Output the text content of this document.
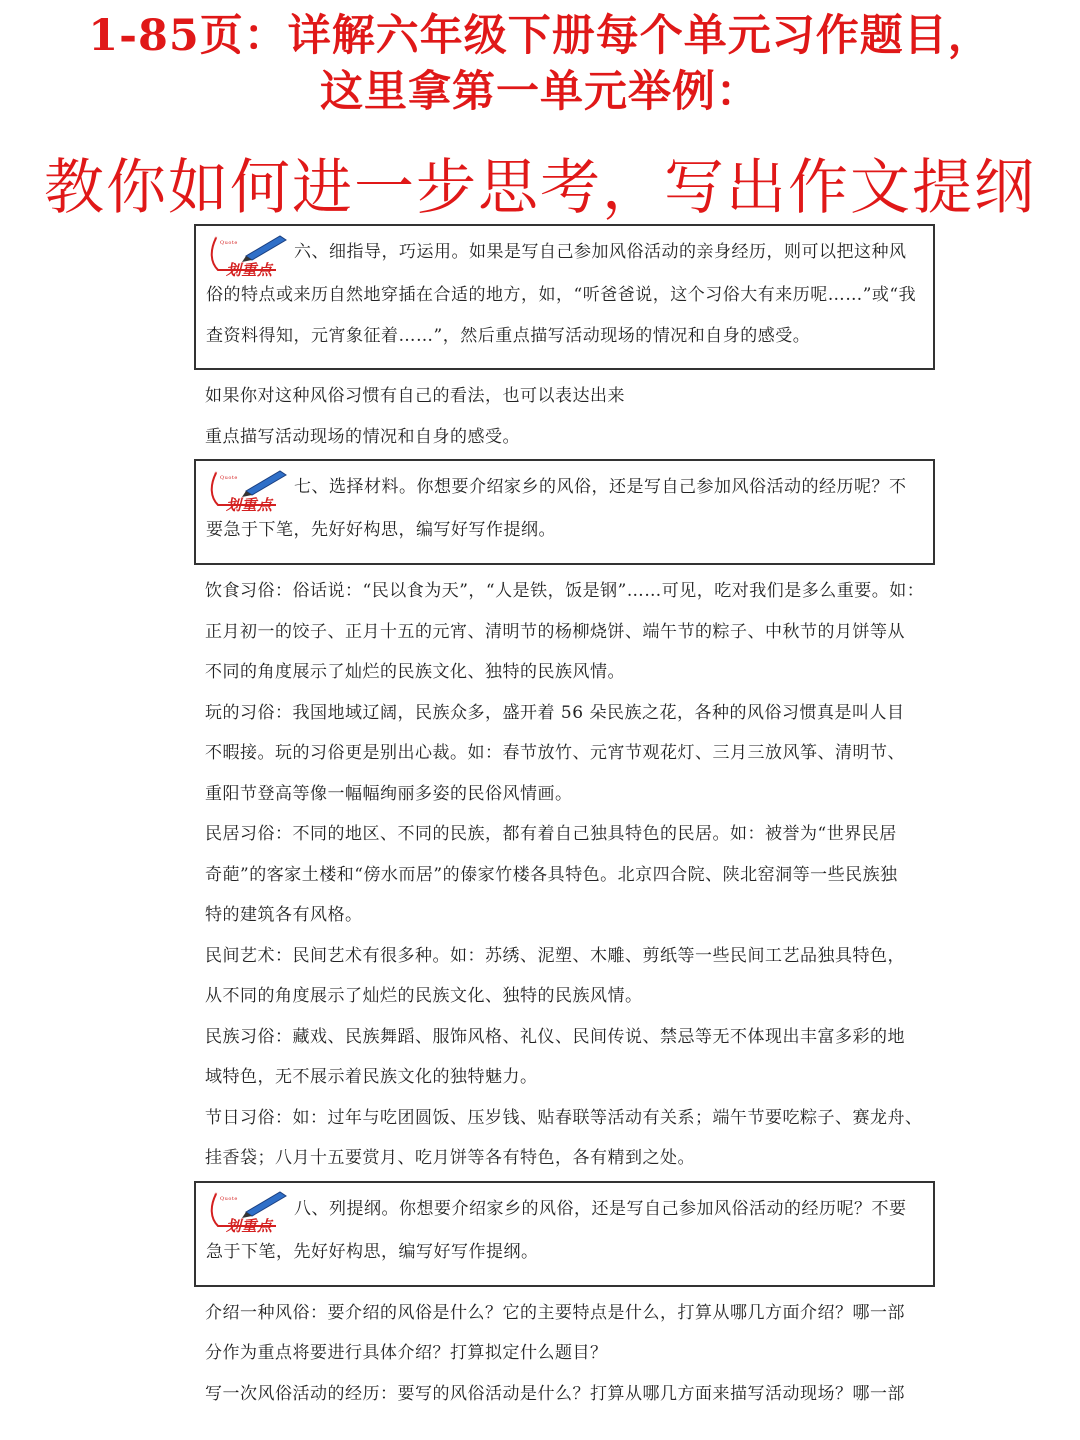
1-85页：详解六年级下册每个单元习作题目，
这里拿第一单元举例：
教你如何进一步思考，写出作文提纲
“ Quote
划重点
六、细指导，巧运用。如果是写自己参加风俗活动的亲身经历，则可以把这种风
俗的特点或来历自然地穿插在合适的地方，如，“听爸爸说，这个习俗大有来历呢……”或“我
查资料得知，元宵象征着……”，然后重点描写活动现场的情况和自身的感受。
如果你对这种风俗习惯有自己的看法，也可以表达出来
重点描写活动现场的情况和自身的感受。
“ Quote
划重点
七、选择材料。你想要介绍家乡的风俗，还是写自己参加风俗活动的经历呢？不
要急于下笔，先好好构思，编写好写作提纲。
饮食习俗：俗话说：“民以食为天”，“人是铁，饭是钢”……可见，吃对我们是多么重要。如：
正月初一的饺子、正月十五的元宵、清明节的杨柳烧饼、端午节的粽子、中秋节的月饼等从
不同的角度展示了灿烂的民族文化、独特的民族风情。
玩的习俗：我国地域辽阔，民族众多，盛开着 56 朵民族之花，各种的风俗习惯真是叫人目
不暇接。玩的习俗更是别出心裁。如：春节放竹、元宵节观花灯、三月三放风筝、清明节、
重阳节登高等像一幅幅绚丽多姿的民俗风情画。
民居习俗：不同的地区、不同的民族，都有着自己独具特色的民居。如：被誉为“世界民居
奇葩”的客家土楼和“傍水而居”的傣家竹楼各具特色。北京四合院、陕北窑洞等一些民族独
特的建筑各有风格。
民间艺术：民间艺术有很多种。如：苏绣、泥塑、木雕、剪纸等一些民间工艺品独具特色，
从不同的角度展示了灿烂的民族文化、独特的民族风情。
民族习俗：藏戏、民族舞蹈、服饰风格、礼仪、民间传说、禁忌等无不体现出丰富多彩的地
域特色，无不展示着民族文化的独特魅力。
节日习俗：如：过年与吃团圆饭、压岁钱、贴春联等活动有关系；端午节要吃粽子、赛龙舟、
挂香袋；八月十五要赏月、吃月饼等各有特色，各有精到之处。
“ Quote
划重点
八、列提纲。你想要介绍家乡的风俗，还是写自己参加风俗活动的经历呢？不要
急于下笔，先好好构思，编写好写作提纲。
介绍一种风俗：要介绍的风俗是什么？它的主要特点是什么，打算从哪几方面介绍？哪一部
分作为重点将要进行具体介绍？打算拟定什么题目？
写一次风俗活动的经历：要写的风俗活动是什么？打算从哪几方面来描写活动现场？哪一部
